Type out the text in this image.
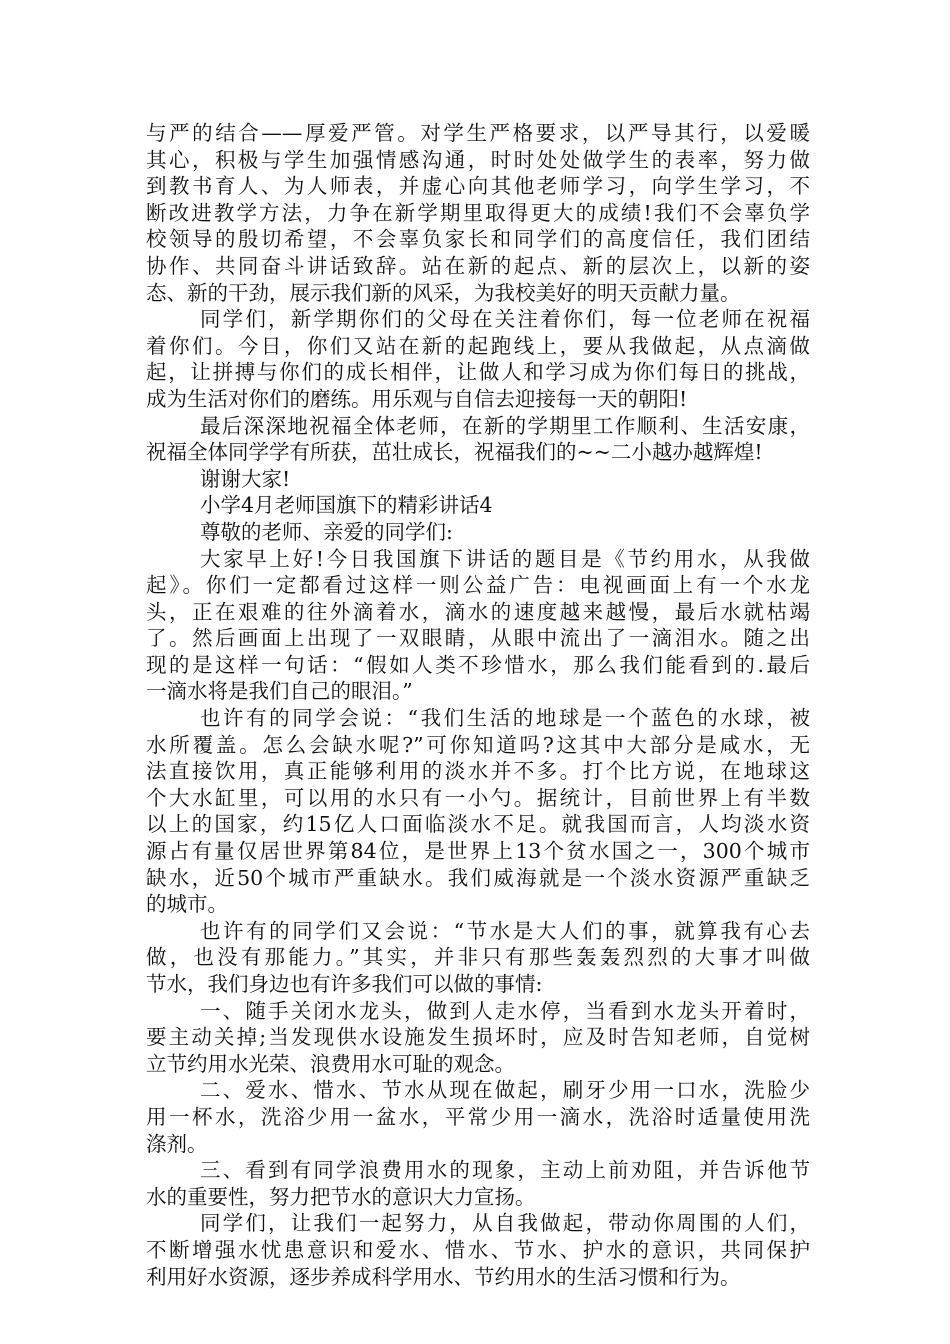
与严的结合——厚爱严管。对学生严格要求，以严导其行，以爱暖
其心，积极与学生加强情感沟通，时时处处做学生的表率，努力做
到教书育人、为人师表，并虚心向其他老师学习，向学生学习，不
断改进教学方法，力争在新学期里取得更大的成绩!我们不会辜负学
校领导的殷切希望，不会辜负家长和同学们的高度信任，我们团结
协作、共同奋斗讲话致辞。站在新的起点、新的层次上，以新的姿
态、新的干劲，展示我们新的风采，为我校美好的明天贡献力量。
同学们，新学期你们的父母在关注着你们，每一位老师在祝福
着你们。今日，你们又站在新的起跑线上，要从我做起，从点滴做
起，让拼搏与你们的成长相伴，让做人和学习成为你们每日的挑战，
成为生活对你们的磨练。用乐观与自信去迎接每一天的朝阳!
最后深深地祝福全体老师，在新的学期里工作顺利、生活安康，
祝福全体同学学有所获，茁壮成长，祝福我们的~~二小越办越辉煌!
谢谢大家!
小学4月老师国旗下的精彩讲话4
尊敬的老师、亲爱的同学们:
大家早上好!今日我国旗下讲话的题目是《节约用水，从我做
起》。你们一定都看过这样一则公益广告：电视画面上有一个水龙
头，正在艰难的往外滴着水，滴水的速度越来越慢，最后水就枯竭
了。然后画面上出现了一双眼睛，从眼中流出了一滴泪水。随之出
现的是这样一句话：“假如人类不珍惜水，那么我们能看到的.最后
一滴水将是我们自己的眼泪。”
也许有的同学会说：“我们生活的地球是一个蓝色的水球，被
水所覆盖。怎么会缺水呢?”可你知道吗?这其中大部分是咸水，无
法直接饮用，真正能够利用的淡水并不多。打个比方说，在地球这
个大水缸里，可以用的水只有一小勺。据统计，目前世界上有半数
以上的国家，约15亿人口面临淡水不足。就我国而言，人均淡水资
源占有量仅居世界第84位，是世界上13个贫水国之一，300个城市
缺水，近50个城市严重缺水。我们威海就是一个淡水资源严重缺乏
的城市。
也许有的同学们又会说：“节水是大人们的事，就算我有心去
做，也没有那能力。”其实，并非只有那些轰轰烈烈的大事才叫做
节水，我们身边也有许多我们可以做的事情:
一、随手关闭水龙头，做到人走水停，当看到水龙头开着时，
要主动关掉;当发现供水设施发生损坏时，应及时告知老师，自觉树
立节约用水光荣、浪费用水可耻的观念。
二、爱水、惜水、节水从现在做起，刷牙少用一口水，洗脸少
用一杯水，洗浴少用一盆水，平常少用一滴水，洗浴时适量使用洗
涤剂。
三、看到有同学浪费用水的现象，主动上前劝阻，并告诉他节
水的重要性，努力把节水的意识大力宣扬。
同学们，让我们一起努力，从自我做起，带动你周围的人们，
不断增强水忧患意识和爱水、惜水、节水、护水的意识，共同保护
利用好水资源，逐步养成科学用水、节约用水的生活习惯和行为。
